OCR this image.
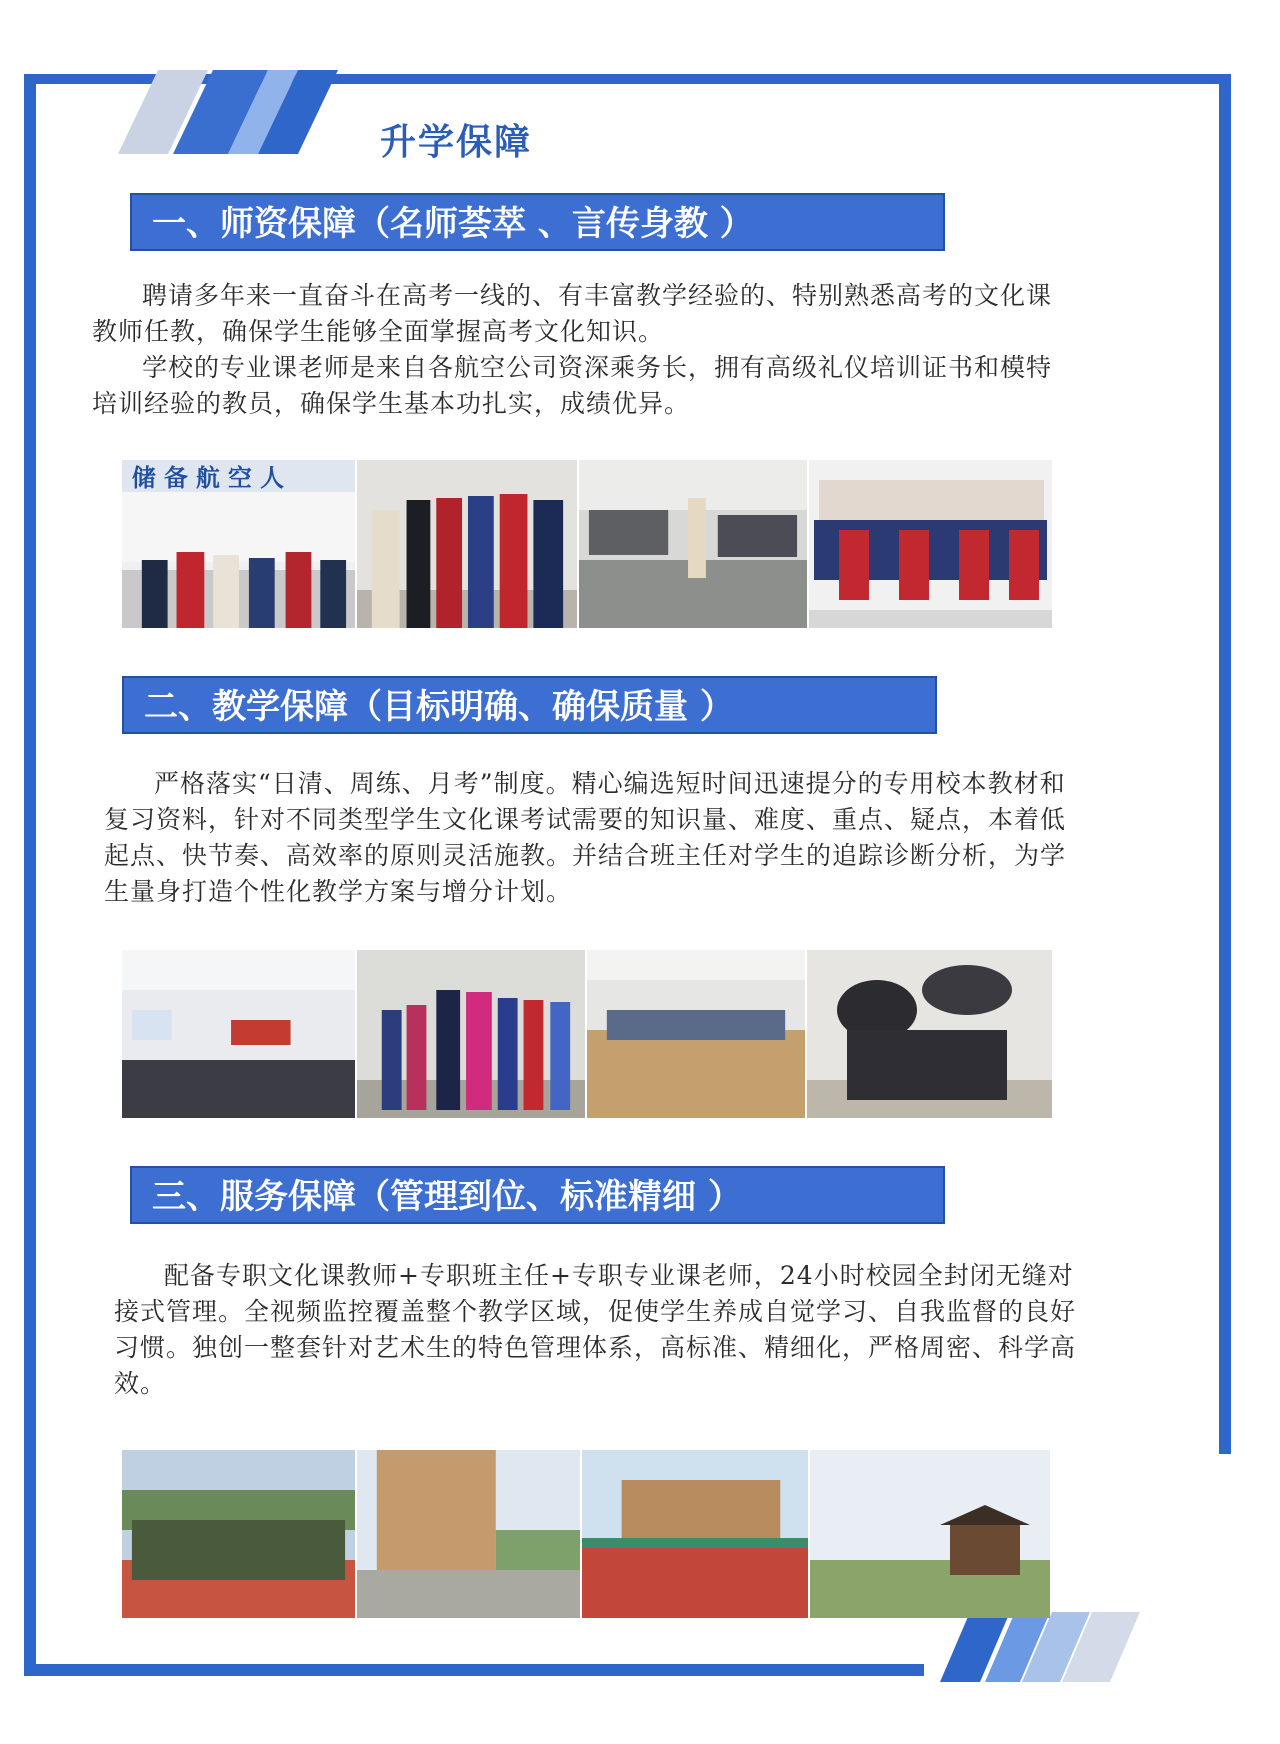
升学保障
一、师资保障（名师荟萃 、言传身教 ）

聘请多年来一直奋斗在高考一线的、有丰富教学经验的、特别熟悉高考的文化课教师任教，确保学生能够全面掌握高考文化知识。

学校的专业课老师是来自各航空公司资深乘务长，拥有高级礼仪培训证书和模特培训经验的教员，确保学生基本功扎实，成绩优异。

储 备 航 空 人
二、教学保障（目标明确、确保质量 ）

严格落实“日清、周练、月考”制度。精心编选短时间迅速提分的专用校本教材和复习资料，针对不同类型学生文化课考试需要的知识量、难度、重点、疑点，本着低起点、快节奏、高效率的原则灵活施教。并结合班主任对学生的追踪诊断分析，为学生量身打造个性化教学方案与增分计划。

三、服务保障（管理到位、标准精细 ）

配备专职文化课教师+专职班主任+专职专业课老师，24小时校园全封闭无缝对接式管理。全视频监控覆盖整个教学区域，促使学生养成自觉学习、自我监督的良好习惯。独创一整套针对艺术生的特色管理体系，高标准、精细化，严格周密、科学高效。
